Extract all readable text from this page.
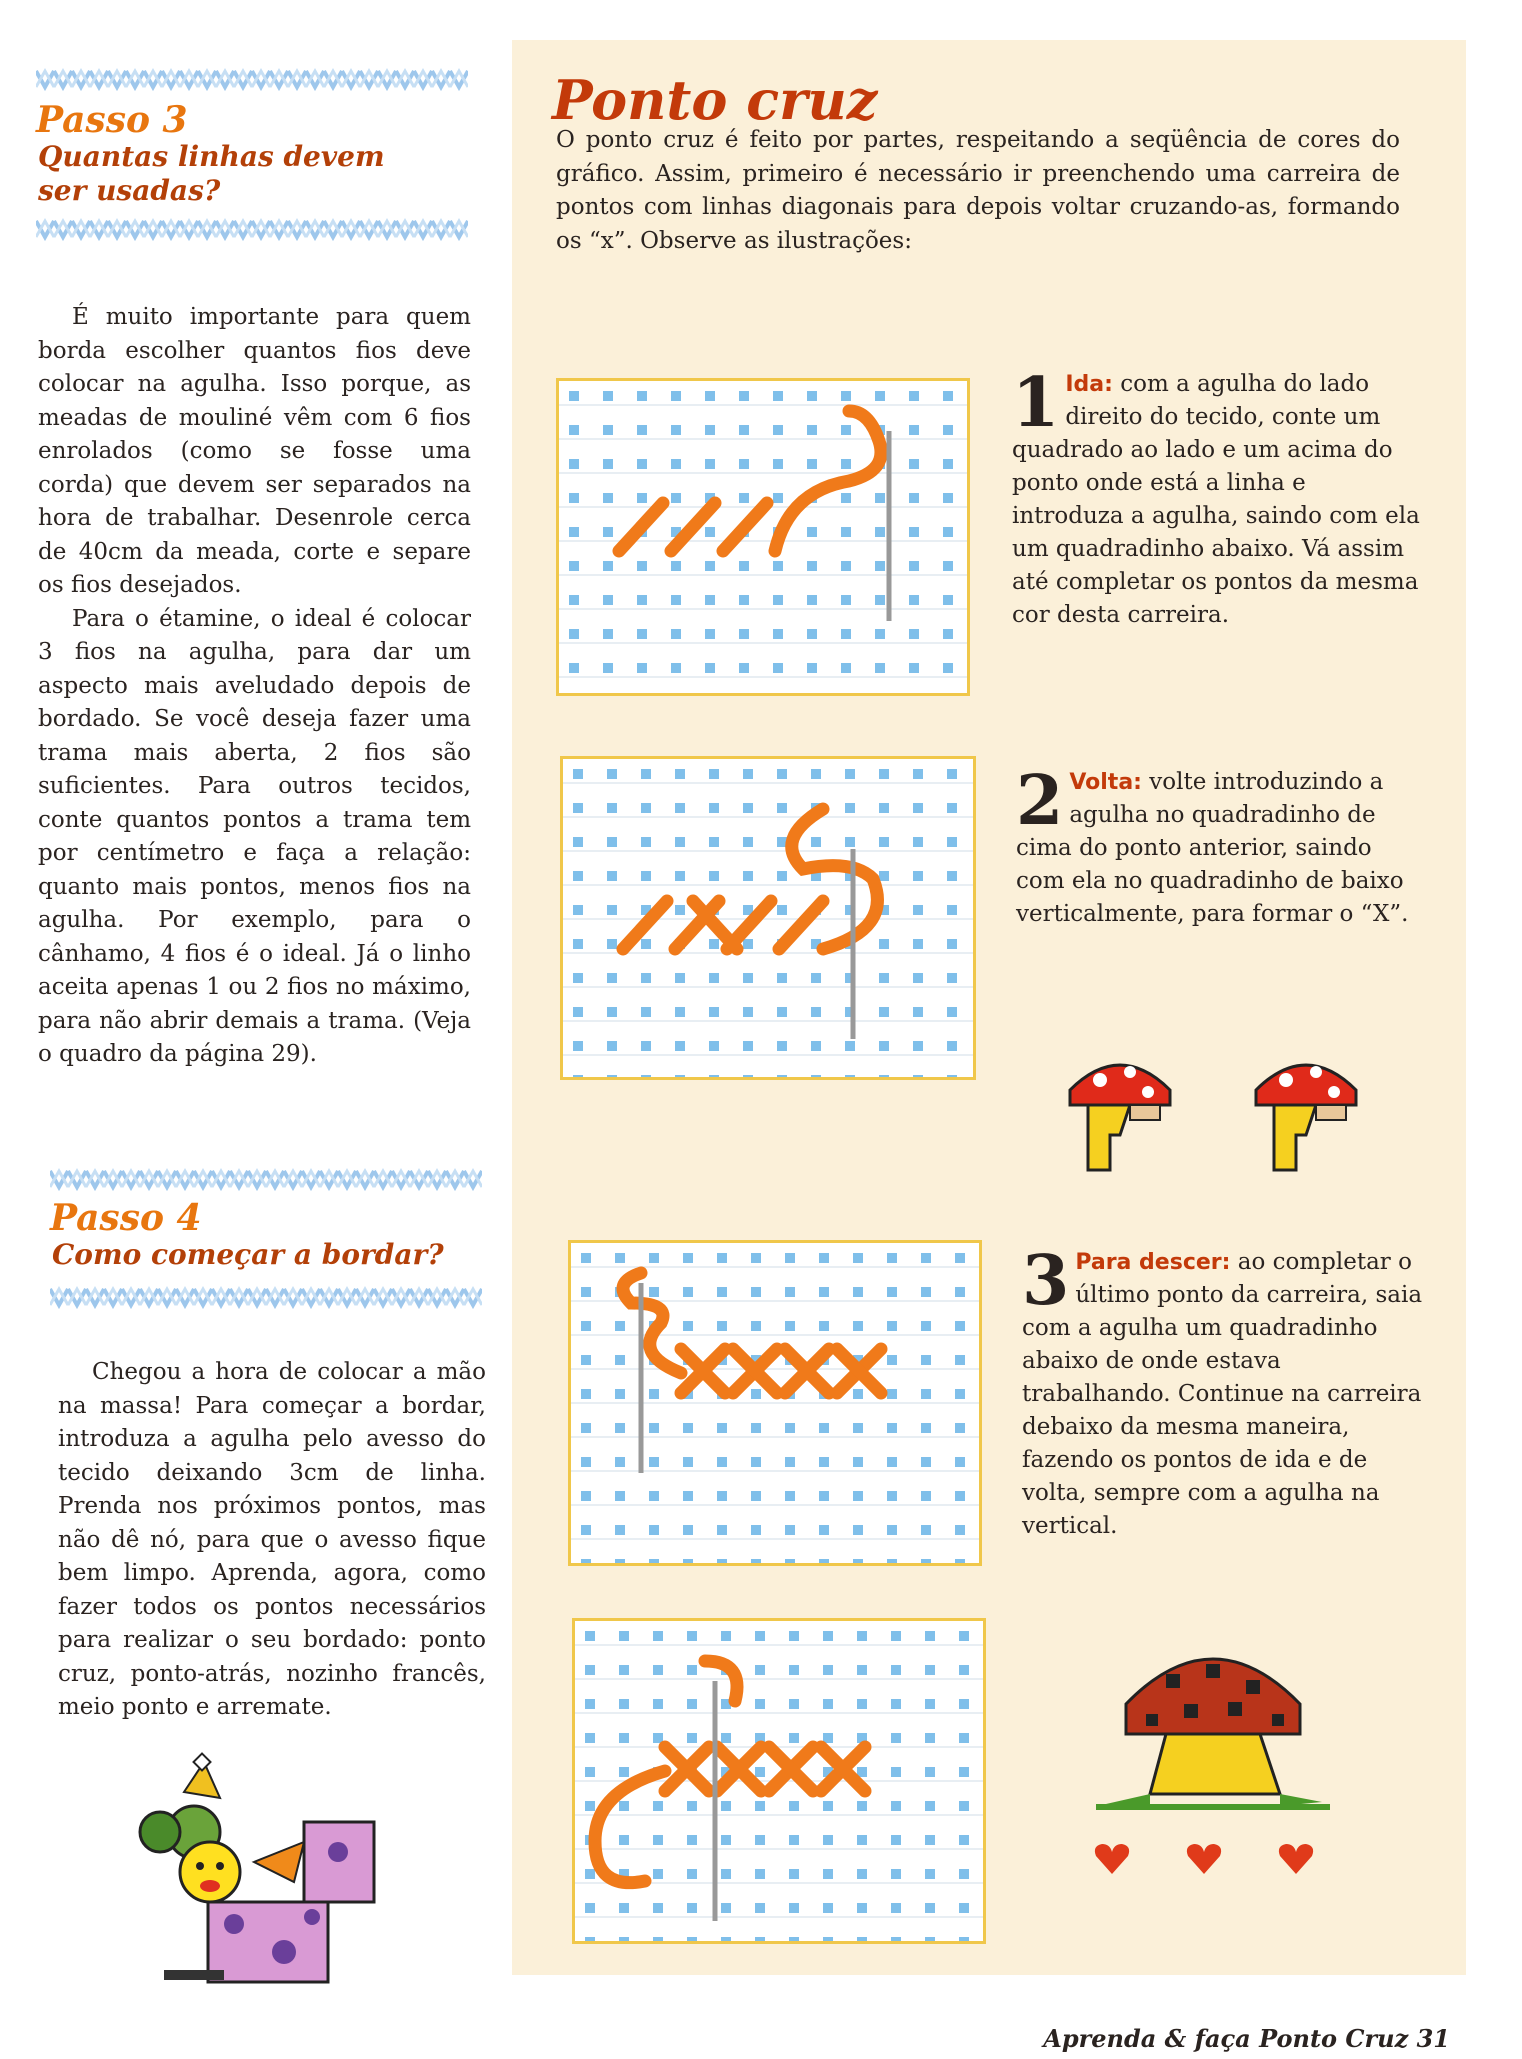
Passo 3
Quantas linhas devem
ser usadas?

É muito importante para quem borda escolher quantos fios deve colocar na agulha. Isso porque, as meadas de mouliné vêm com 6 fios enrolados (como se fosse uma corda) que devem ser separados na hora de trabalhar. Desenrole cerca de 40cm da meada, corte e separe os fios desejados.

Para o étamine, o ideal é colocar 3 fios na agulha, para dar um aspecto mais aveludado depois de bordado. Se você deseja fazer uma trama mais aberta, 2 fios são suficientes. Para outros tecidos, conte quantos pontos a trama tem por centímetro e faça a relação: quanto mais pontos, menos fios na agulha. Por exemplo, para o cânhamo, 4 fios é o ideal. Já o linho aceita apenas 1 ou 2 fios no máximo, para não abrir demais a trama. (Veja o quadro da página 29).

Passo 4
Como começar a bordar?

Chegou a hora de colocar a mão na massa! Para começar a bordar, introduza a agulha pelo avesso do tecido deixando 3cm de linha. Prenda nos próximos pontos, mas não dê nó, para que o avesso fique bem limpo. Aprenda, agora, como fazer todos os pontos necessários para realizar o seu bordado: ponto cruz, ponto-atrás, nozinho francês, meio ponto e arremate.

Ponto cruz
O ponto cruz é feito por partes, respeitando a seqüência de cores do gráfico. Assim, primeiro é necessário ir preenchendo uma carreira de pontos com linhas diagonais para depois voltar cruzando-as, formando os “x”. Observe as ilustrações:
1 Ida: com a agulha do lado direito do tecido, conte um quadrado ao lado e um acima do ponto onde está a linha e introduza a agulha, saindo com ela um quadradinho abaixo. Vá assim até completar os pontos da mesma cor desta carreira.
2 Volta: volte introduzindo a agulha no quadradinho de cima do ponto anterior, saindo com ela no quadradinho de baixo verticalmente, para formar o “X”.
3 Para descer: ao completar o último ponto da carreira, saia com a agulha um quadradinho abaixo de onde estava trabalhando. Continue na carreira debaixo da mesma maneira, fazendo os pontos de ida e de volta, sempre com a agulha na vertical.
Aprenda & faça Ponto Cruz 31
